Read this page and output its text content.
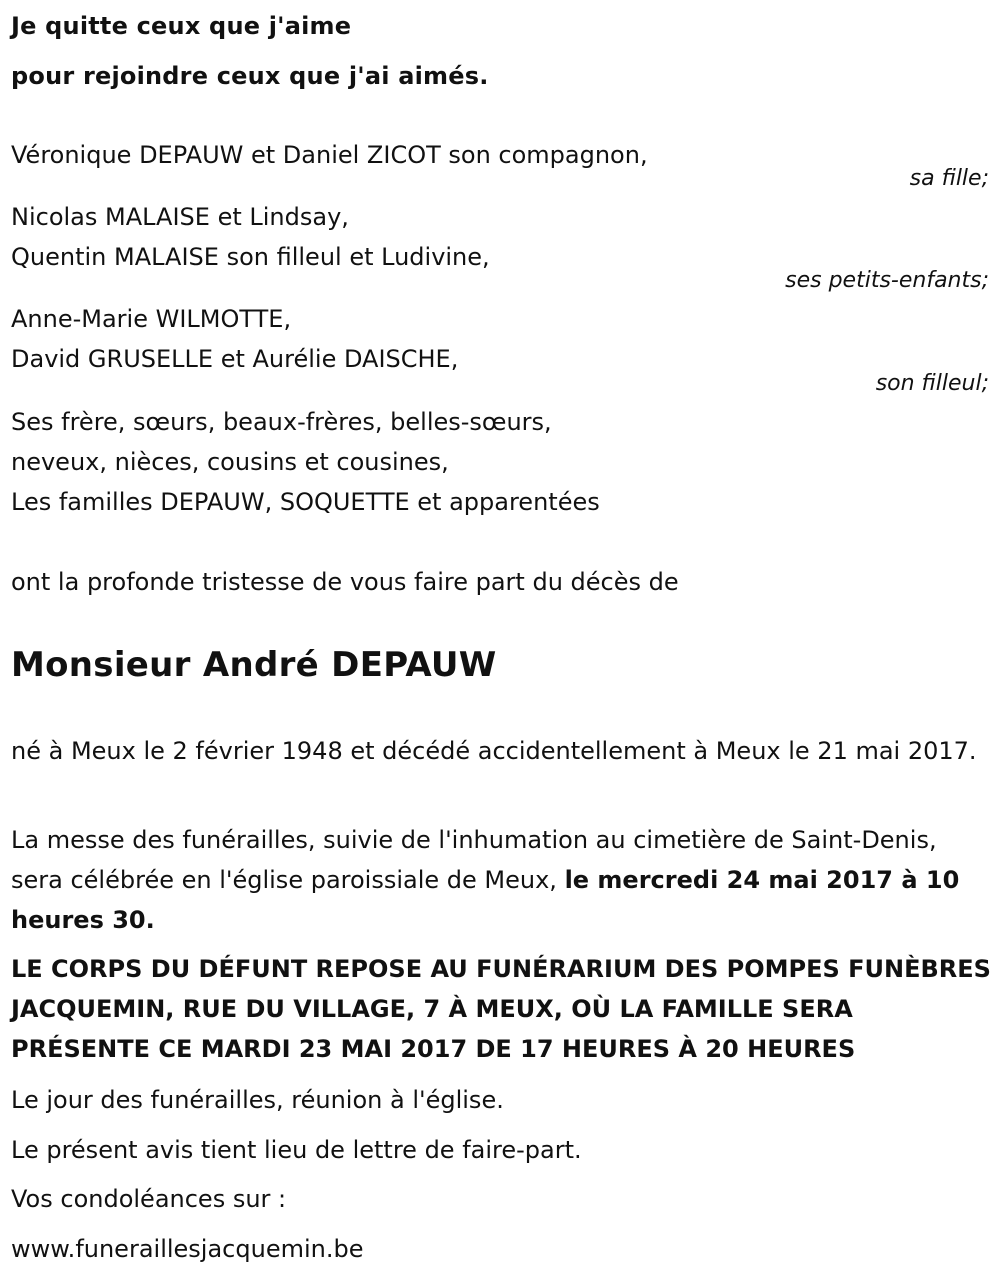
Je quitte ceux que j'aime

pour rejoindre ceux que j'ai aimés.

Véronique DEPAUW et Daniel ZICOT son compagnon,

sa fille;

Nicolas MALAISE et Lindsay,

Quentin MALAISE son filleul et Ludivine,

ses petits-enfants;

Anne-Marie WILMOTTE,

David GRUSELLE et Aurélie DAISCHE,

son filleul;

Ses frère, sœurs, beaux-frères, belles-sœurs,

neveux, nièces, cousins et cousines,

Les familles DEPAUW, SOQUETTE et apparentées

ont la profonde tristesse de vous faire part du décès de

Monsieur André DEPAUW

né à Meux le 2 février 1948 et décédé accidentellement à Meux le 21 mai 2017.

La messe des funérailles, suivie de l'inhumation au cimetière de Saint-Denis, sera célébrée en l'église paroissiale de Meux, le mercredi 24 mai 2017 à 10 heures 30.

LE CORPS DU DÉFUNT REPOSE AU FUNÉRARIUM DES POMPES FUNÈBRES JACQUEMIN, RUE DU VILLAGE, 7 À MEUX, OÙ LA FAMILLE SERA PRÉSENTE CE MARDI 23 MAI 2017 DE 17 HEURES À 20 HEURES

Le jour des funérailles, réunion à l'église.

Le présent avis tient lieu de lettre de faire-part.

Vos condoléances sur :

www.funeraillesjacquemin.be
